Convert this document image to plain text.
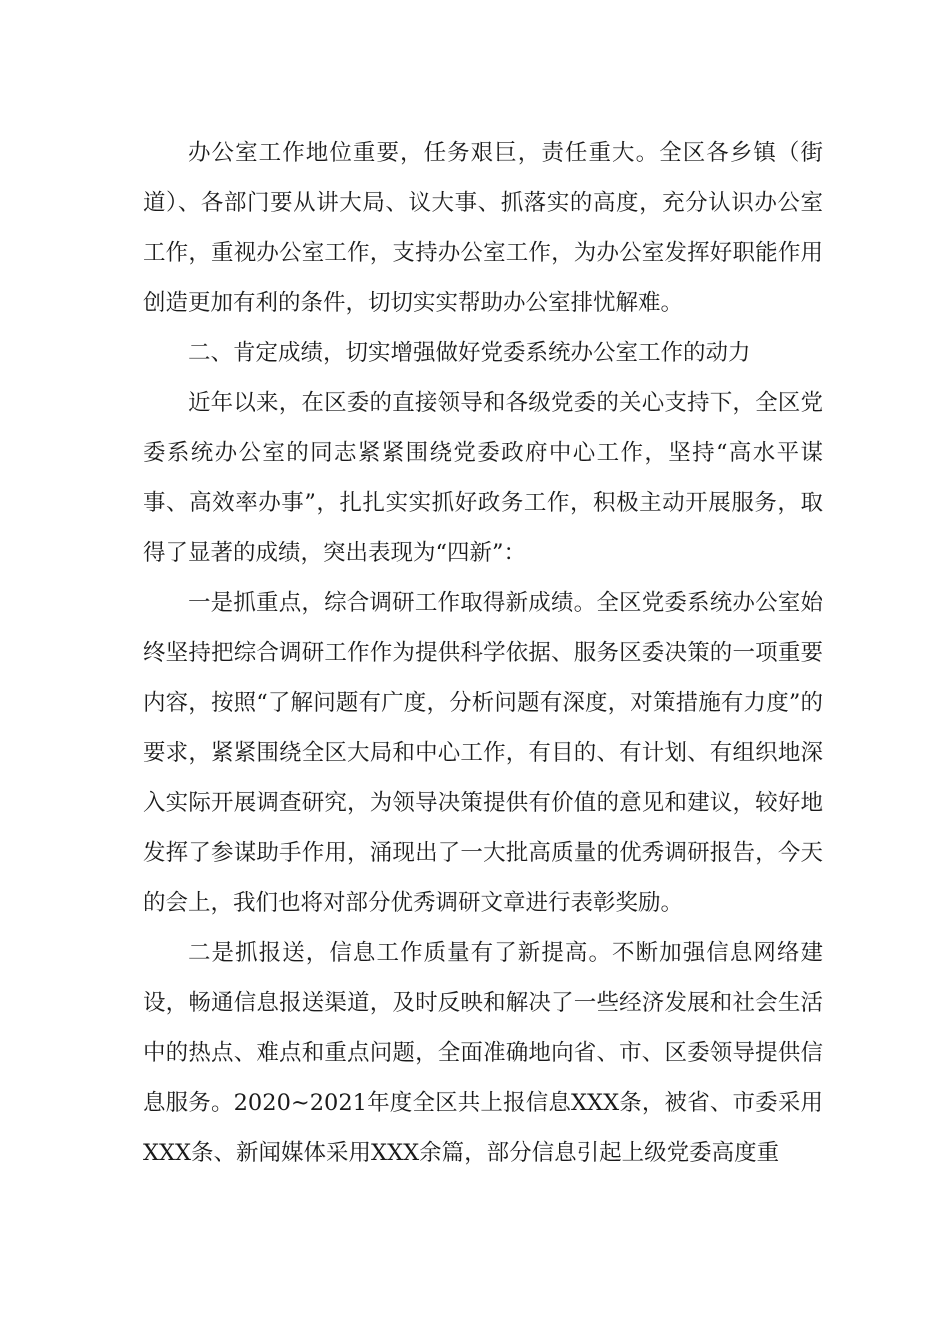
办公室工作地位重要，任务艰巨，责任重大。全区各乡镇（街道）、各部门要从讲大局、议大事、抓落实的高度，充分认识办公室工作，重视办公室工作，支持办公室工作，为办公室发挥好职能作用创造更加有利的条件，切切实实帮助办公室排忧解难。

二、肯定成绩，切实增强做好党委系统办公室工作的动力

近年以来，在区委的直接领导和各级党委的关心支持下，全区党委系统办公室的同志紧紧围绕党委政府中心工作，坚持“高水平谋事、高效率办事”，扎扎实实抓好政务工作，积极主动开展服务，取得了显著的成绩，突出表现为“四新”：

一是抓重点，综合调研工作取得新成绩。全区党委系统办公室始终坚持把综合调研工作作为提供科学依据、服务区委决策的一项重要内容，按照“了解问题有广度，分析问题有深度，对策措施有力度”的要求，紧紧围绕全区大局和中心工作，有目的、有计划、有组织地深入实际开展调查研究，为领导决策提供有价值的意见和建议，较好地发挥了参谋助手作用，涌现出了一大批高质量的优秀调研报告，今天的会上，我们也将对部分优秀调研文章进行表彰奖励。

二是抓报送，信息工作质量有了新提高。不断加强信息网络建设，畅通信息报送渠道，及时反映和解决了一些经济发展和社会生活中的热点、难点和重点问题，全面准确地向省、市、区委领导提供信息服务。2020~2021年度全区共上报信息XXX条，被省、市委采用XXX条、新闻媒体采用XXX余篇，部分信息引起上级党委高度重
